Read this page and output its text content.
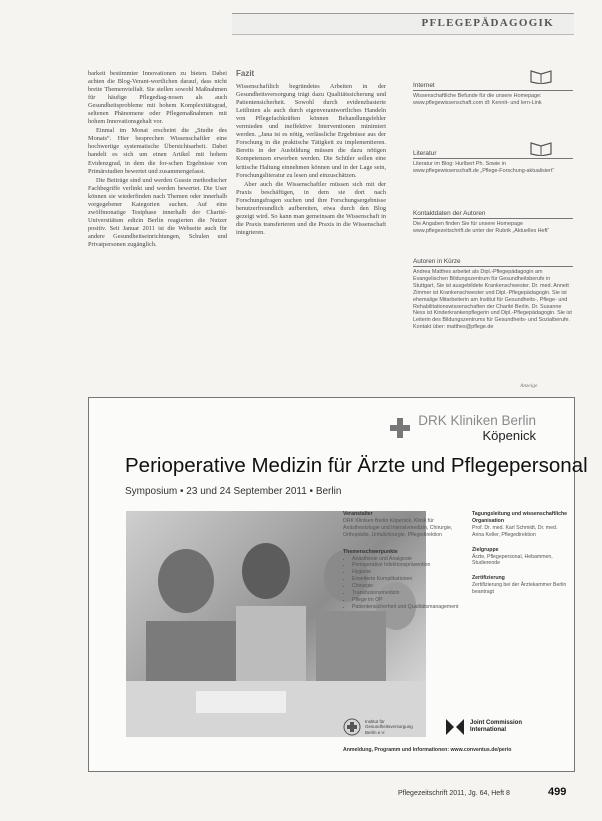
PFLEGEPÄDAGOGIK

barkeit bestimmter Innovationen zu bieten. Dabei achten die Blog-Verant-wortlichen darauf, dass nicht breite Themenvielfalt. Sie stellen sowohl Maßnahmen für häufige Pflegediag-nosen als auch Gesundheitsprobleme mit hohem Komplexitätsgrad, seltenen Phänomene oder Pflegemaßnahmen mit hohem Innovationsgehalt vor.

Einmal im Monat erscheint die „Studie des Monats“. Hier besprechen Wissenschaftler eine hochwertige systematische Übersichtsarbeit. Dabei handelt es sich um einen Artikel mit hohem Evidenzgrad, in dem die for-schen Ergebnisse von Primärstudien bewertet und zusammengefasst.

Die Beiträge sind und werden Gussie methodischer Fachbegriffe verlinkt und werden bewertet. Die User können sie wiederfinden nach Themen oder innerhalb vorgegebener Kategorien suchen. Auf eine zwölfmonatige Testphase innerhalb der Charité-Universitätsm edizin Berlin reagierten die Nutzer positiv. Seit Januar 2011 ist die Webseite auch für andere Gesundheitseinrichtungen, Schulen und Privatpersonen zugänglich.

Fazit

Wissenschaftlich begründetes Arbeiten in der Gesundheitsversorgung trägt dazu Qualitätssicherung und Patientensicherheit. Sowohl durch evidenzbasierte Leitlinien als auch durch eigenverantwortliches Handeln von Pflegefachkräften können Behandlungsfehler vermieden und ineffektive Interventionen minimiert werden. „Jana ist es nötig, verlässliche Ergebnisse aus der Forschung in die praktische Tätigkeit zu implementieren. Bereits in der Ausbildung müssen die dazu nötigen Kompetenzen erworben werden. Die Schüler sollen eine kritische Haltung einnehmen können und in der Lage sein, Forschungsliteratur zu lesen und einzuschätzen.

Aber auch die Wissenschaftler müssen sich mit der Praxis beschäftigen, in dem sie dort nach Forschungsfragen suchen und ihre Forschungsergebnisse benutzerfreundlich aufbereiten, etwa durch den Blog gezeigt wird. So kann man gemeinsam die Wissenschaft in die Praxis transferieren und die Praxis in die Wissenschaft integrieren.

Anzeige
Internet
Wissenschaftliche Befunde für die unsere Homepage: www.pflegewissenschaft.com dl: Kennit- und lern-Link
Literatur
Literatur im Blog: Hurlbert Ph. Sowie in www.pflegewissenschaft.de „Pflege-Forschung-aktualisiert“
Kontaktdaten der Autoren
Die Angaben finden Sie für unsere Homepage www.pflegezeitschrift.de unter der Rubrik „Aktuelles Heft“
Autoren in Kürze
Andrea Matthes arbeitet als Dipl.-Pflegepädagogin am Evangelischen Bildungszentrum für Gesundheitsberufe in Stuttgart, Sie ist ausgebildete Krankenschwester. Dr. med. Annett Zimmer ist Krankenschwester und Dipl.-Pflegepädagogin. Sie ist ehemalige Mitarbeiterin am Institut für Gesundheits-, Pflege- und Rehabilitationswissenschaften der Charité Berlin. Dr. Susanne Ness ist Kinderkrankenpflegerin und Dipl.-Pflegepädagogin. Sie ist Leiterin des Bildungszentrums für Gesundheits- und Sozialberufe. Kontakt über: matthes@pflege.de
DRK Kliniken Berlin
Köpenick
Perioperative Medizin für Ärzte und Pflegepersonal
Symposium • 23 und 24 September 2011 • Berlin
Veranstalter
DRK Kliniken Berlin Köpenick, Klinik für Anästhesiologie und Intensivmedizin, Chirurgie, Orthopädie, Unfallchirurgie, Pflegedirektion
Themenschwerpunkte
• Anästhesie und Analgesie
• Perioperative Infektionsprävention
• Hygiene
• Erweiterte Komplikationen
• Chirurgie
• Transfusionsmedizin
• Pflege im OP
• Patientensicherheit und Qualitätsmanagement
Tagungsleitung und wissenschaftliche Organisation
Prof. Dr. med. Karl Schmidt, Dr. med. Anna Keller, Pflegedirektion
Zielgruppe
Ärzte, Pflegepersonal, Hebammen, Studierende
Zertifizierung
Zertifizierung bei der Ärztekammer Berlin beantragt
Institut für
Gesundheitsversorgung
Berlin e.V.
Joint Commission
International
Anmeldung, Programm und Informationen: www.conventus.de/perio
Pflegezeitschrift 2011, Jg. 64, Heft 8	499
